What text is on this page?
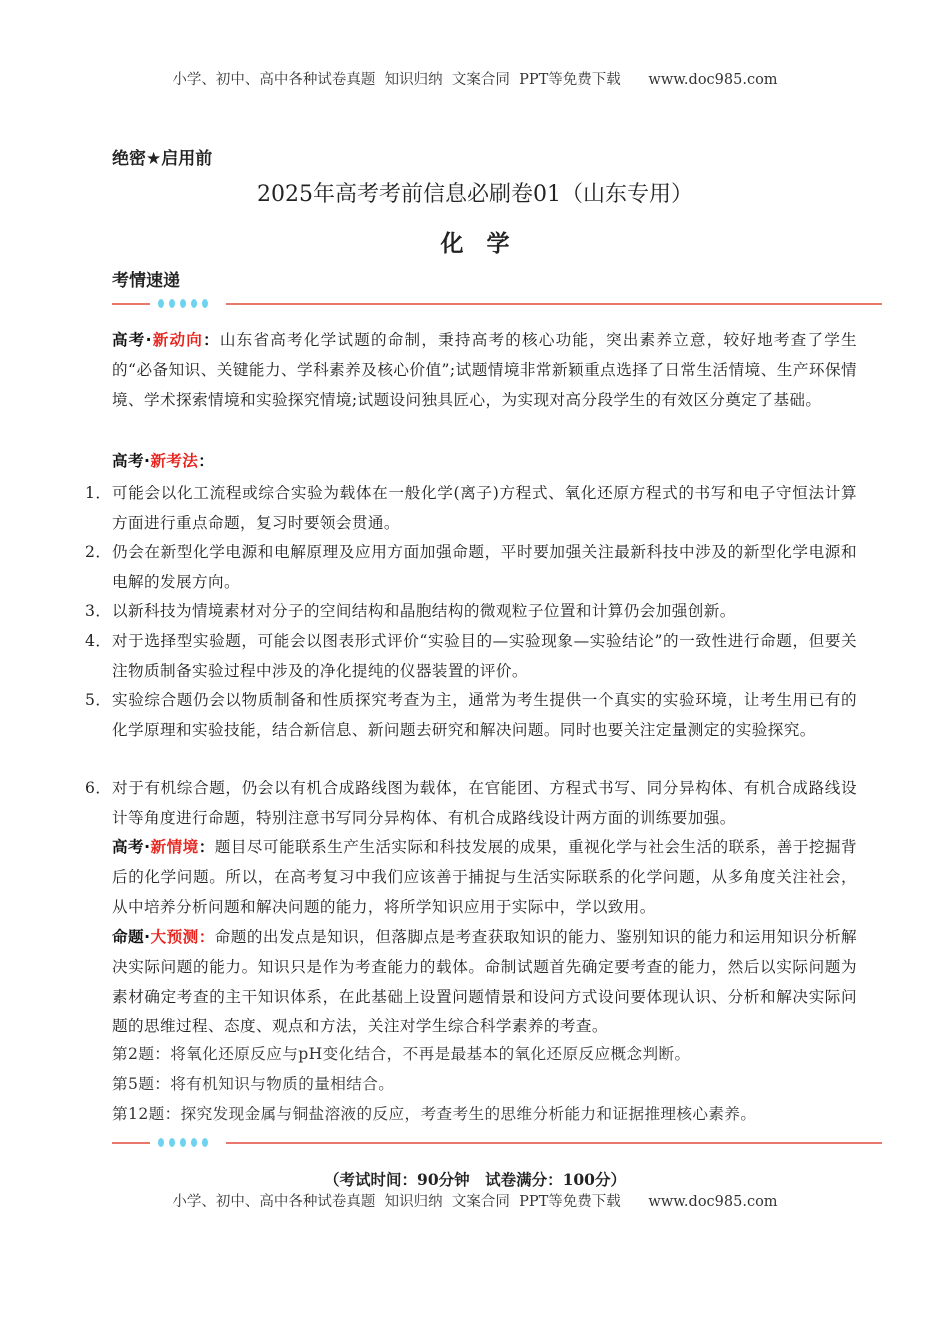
小学、初中、高中各种试卷真题  知识归纳  文案合同  PPT等免费下载      www.doc985.com
绝密★启用前
2025年高考考前信息必刷卷01（山东专用）
化　学
考情速递
高考·新动向：山东省高考化学试题的命制，秉持高考的核心功能，突出素养立意，较好地考查了学生的“必备知识、关键能力、学科素养及核心价值”;试题情境非常新颖重点选择了日常生活情境、生产环保情境、学术探索情境和实验探究情境;试题设问独具匠心，为实现对高分段学生的有效区分奠定了基础。
高考·新考法：
1． 可能会以化工流程或综合实验为载体在一般化学(离子)方程式、氧化还原方程式的书写和电子守恒法计算方面进行重点命题，复习时要领会贯通。
2． 仍会在新型化学电源和电解原理及应用方面加强命题，平时要加强关注最新科技中涉及的新型化学电源和电解的发展方向。
3． 以新科技为情境素材对分子的空间结构和晶胞结构的微观粒子位置和计算仍会加强创新。
4． 对于选择型实验题，可能会以图表形式评价“实验目的—实验现象—实验结论”的一致性进行命题，但要关注物质制备实验过程中涉及的净化提纯的仪器装置的评价。
5． 实验综合题仍会以物质制备和性质探究考查为主，通常为考生提供一个真实的实验环境，让考生用已有的化学原理和实验技能，结合新信息、新问题去研究和解决问题。同时也要关注定量测定的实验探究。
6． 对于有机综合题，仍会以有机合成路线图为载体，在官能团、方程式书写、同分异构体、有机合成路线设计等角度进行命题，特别注意书写同分异构体、有机合成路线设计两方面的训练要加强。
高考·新情境：题目尽可能联系生产生活实际和科技发展的成果，重视化学与社会生活的联系，善于挖掘背后的化学问题。所以，在高考复习中我们应该善于捕捉与生活实际联系的化学问题，从多角度关注社会，从中培养分析问题和解决问题的能力，将所学知识应用于实际中，学以致用。
命题·大预测：命题的出发点是知识，但落脚点是考查获取知识的能力、鉴别知识的能力和运用知识分析解决实际问题的能力。知识只是作为考查能力的载体。命制试题首先确定要考查的能力，然后以实际问题为素材确定考查的主干知识体系，在此基础上设置问题情景和设问方式设问要体现认识、分析和解决实际问题的思维过程、态度、观点和方法，关注对学生综合科学素养的考查。
第2题：将氧化还原反应与pH变化结合，不再是最基本的氧化还原反应概念判断。
第5题：将有机知识与物质的量相结合。
第12题：探究发现金属与铜盐溶液的反应，考查考生的思维分析能力和证据推理核心素养。
（考试时间：90分钟　试卷满分：100分）
小学、初中、高中各种试卷真题  知识归纳  文案合同  PPT等免费下载      www.doc985.com
